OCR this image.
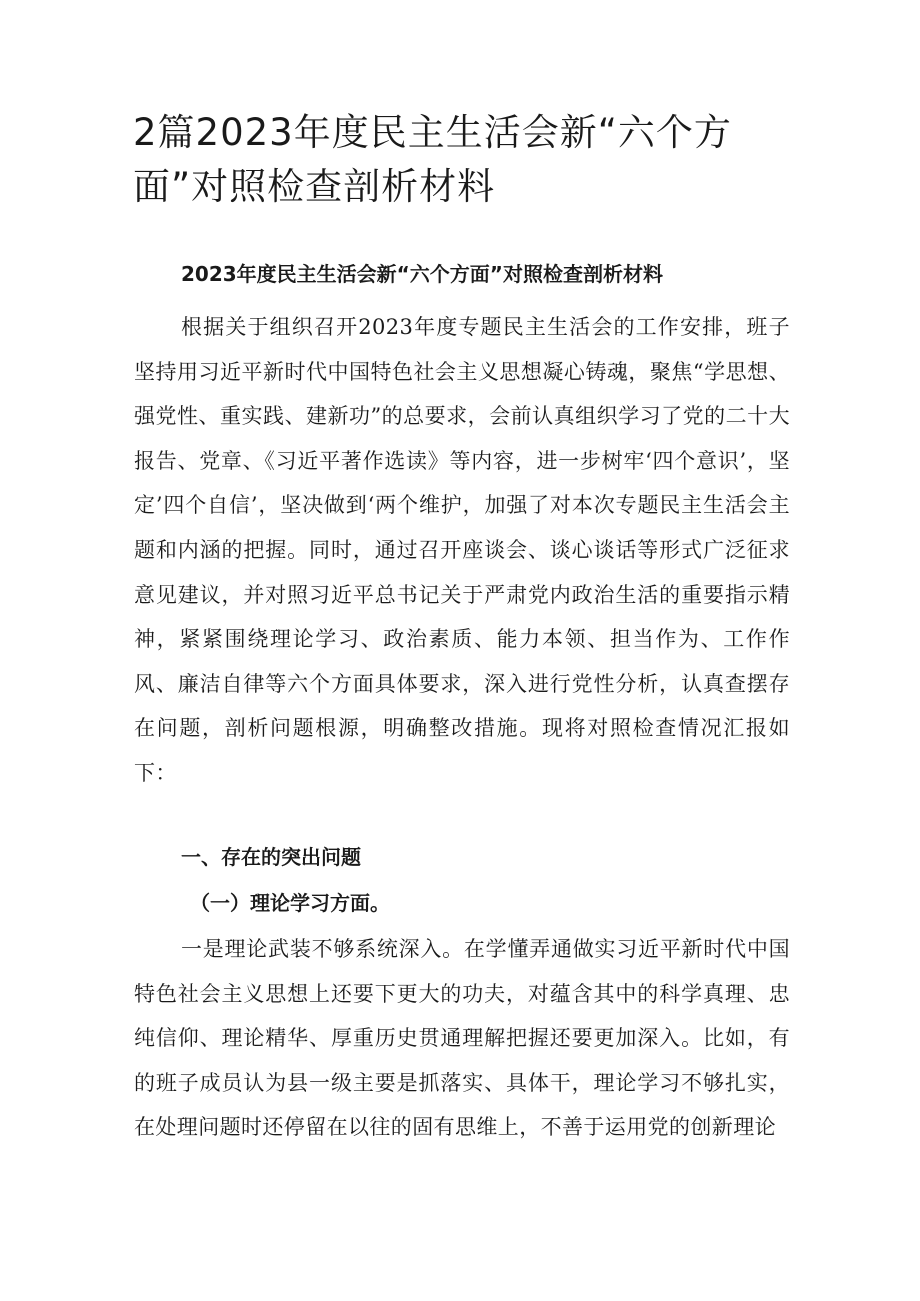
2篇2023年度民主生活会新“六个方面”对照检查剖析材料
2023年度民主生活会新“六个方面”对照检查剖析材料

根据关于组织召开2023年度专题民主生活会的工作安排，班子坚持用习近平新时代中国特色社会主义思想凝心铸魂，聚焦“学思想、强党性、重实践、建新功”的总要求，会前认真组织学习了党的二十大报告、党章、《习近平著作选读》等内容，进一步树牢‘四个意识’，坚定’四个自信’，坚决做到‘两个维护，加强了对本次专题民主生活会主题和内涵的把握。同时，通过召开座谈会、谈心谈话等形式广泛征求意见建议，并对照习近平总书记关于严肃党内政治生活的重要指示精神，紧紧围绕理论学习、政治素质、能力本领、担当作为、工作作风、廉洁自律等六个方面具体要求，深入进行党性分析，认真查摆存在问题，剖析问题根源，明确整改措施。现将对照检查情况汇报如下：

一、存在的突出问题
（一）理论学习方面。

一是理论武装不够系统深入。在学懂弄通做实习近平新时代中国特色社会主义思想上还要下更大的功夫，对蕴含其中的科学真理、忠纯信仰、理论精华、厚重历史贯通理解把握还要更加深入。比如，有的班子成员认为县一级主要是抓落实、具体干，理论学习不够扎实，在处理问题时还停留在以往的固有思维上，不善于运用党的创新理论
